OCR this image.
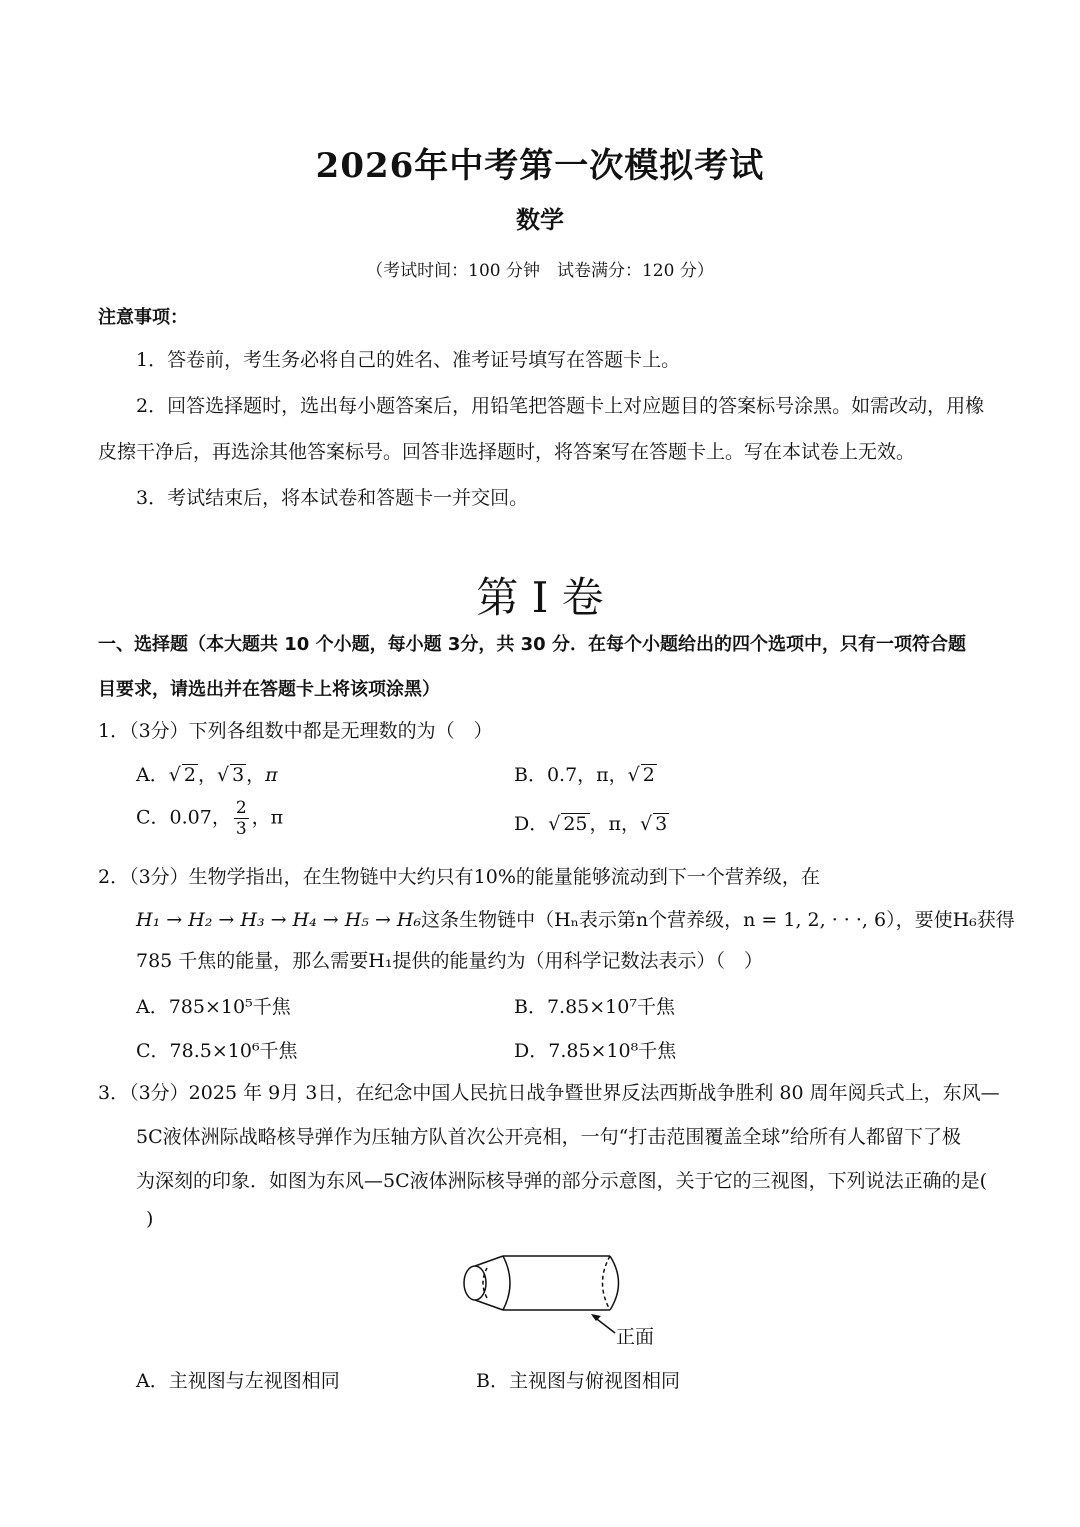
2026年中考第一次模拟考试
数学
（考试时间：100 分钟　试卷满分：120 分）
注意事项：
1．答卷前，考生务必将自己的姓名、准考证号填写在答题卡上。
2．回答选择题时，选出每小题答案后，用铅笔把答题卡上对应题目的答案标号涂黑。如需改动，用橡
皮擦干净后，再选涂其他答案标号。回答非选择题时，将答案写在答题卡上。写在本试卷上无效。
3．考试结束后，将本试卷和答题卡一并交回。
第 I 卷
一、选择题（本大题共 10 个小题，每小题 3分，共 30 分．在每个小题给出的四个选项中，只有一项符合题
目要求，请选出并在答题卡上将该项涂黑）
1．（3分）下列各组数中都是无理数的为（　）
A．√ 2 ，√ 3 ，π	B．0.7，π，√ 2
C．0.07， $\frac{2}{3}$ ，π	D．√ 25 ，π，√ 3
2．（3分）生物学指出，在生物链中大约只有10%的能量能够流动到下一个营养级，在
H₁ → H₂ → H₃ → H₄ → H₅ → H₆这条生物链中（Hₙ表示第n个营养级，n = 1, 2, · · ·, 6），要使H₆获得
785 千焦的能量，那么需要H₁提供的能量约为（用科学记数法表示）（　）
A．785×10⁵千焦	B．7.85×10⁷千焦
C．78.5×10⁶千焦	D．7.85×10⁸千焦
3．（3分）2025 年 9月 3日，在纪念中国人民抗日战争暨世界反法西斯战争胜利 80 周年阅兵式上，东风—
5C液体洲际战略核导弹作为压轴方队首次公开亮相，一句“打击范围覆盖全球”给所有人都留下了极
为深刻的印象．如图为东风—5C液体洲际核导弹的部分示意图，关于它的三视图，下列说法正确的是(
)
正面
A．主视图与左视图相同	B．主视图与俯视图相同
